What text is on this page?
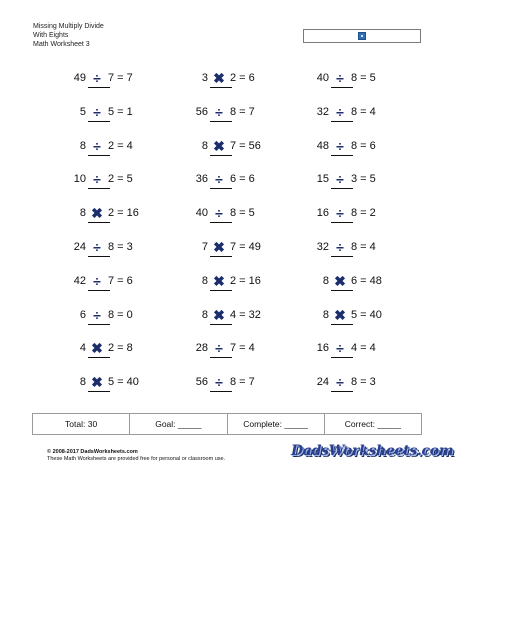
Missing Multiply Divide
With Eights
Math Worksheet 3
49 ÷ 7 = 7
5 ÷ 5 = 1
8 ÷ 2 = 4
10 ÷ 2 = 5
8 ✖ 2 = 16
24 ÷ 8 = 3
42 ÷ 7 = 6
6 ÷ 8 = 0
4 ✖ 2 = 8
8 ✖ 5 = 40
3 ✖ 2 = 6
56 ÷ 8 = 7
8 ✖ 7 = 56
36 ÷ 6 = 6
40 ÷ 8 = 5
7 ✖ 7 = 49
8 ✖ 2 = 16
8 ✖ 4 = 32
28 ÷ 7 = 4
56 ÷ 8 = 7
40 ÷ 8 = 5
32 ÷ 8 = 4
48 ÷ 8 = 6
15 ÷ 3 = 5
16 ÷ 8 = 2
32 ÷ 8 = 4
8 ✖ 6 = 48
8 ✖ 5 = 40
16 ÷ 4 = 4
24 ÷ 8 = 3
Total: 30	Goal: _____	Complete: _____	Correct: _____
© 2008-2017 DadsWorksheets.com
These Math Worksheets are provided free for personal or classroom use.	DadsWorksheets.com
